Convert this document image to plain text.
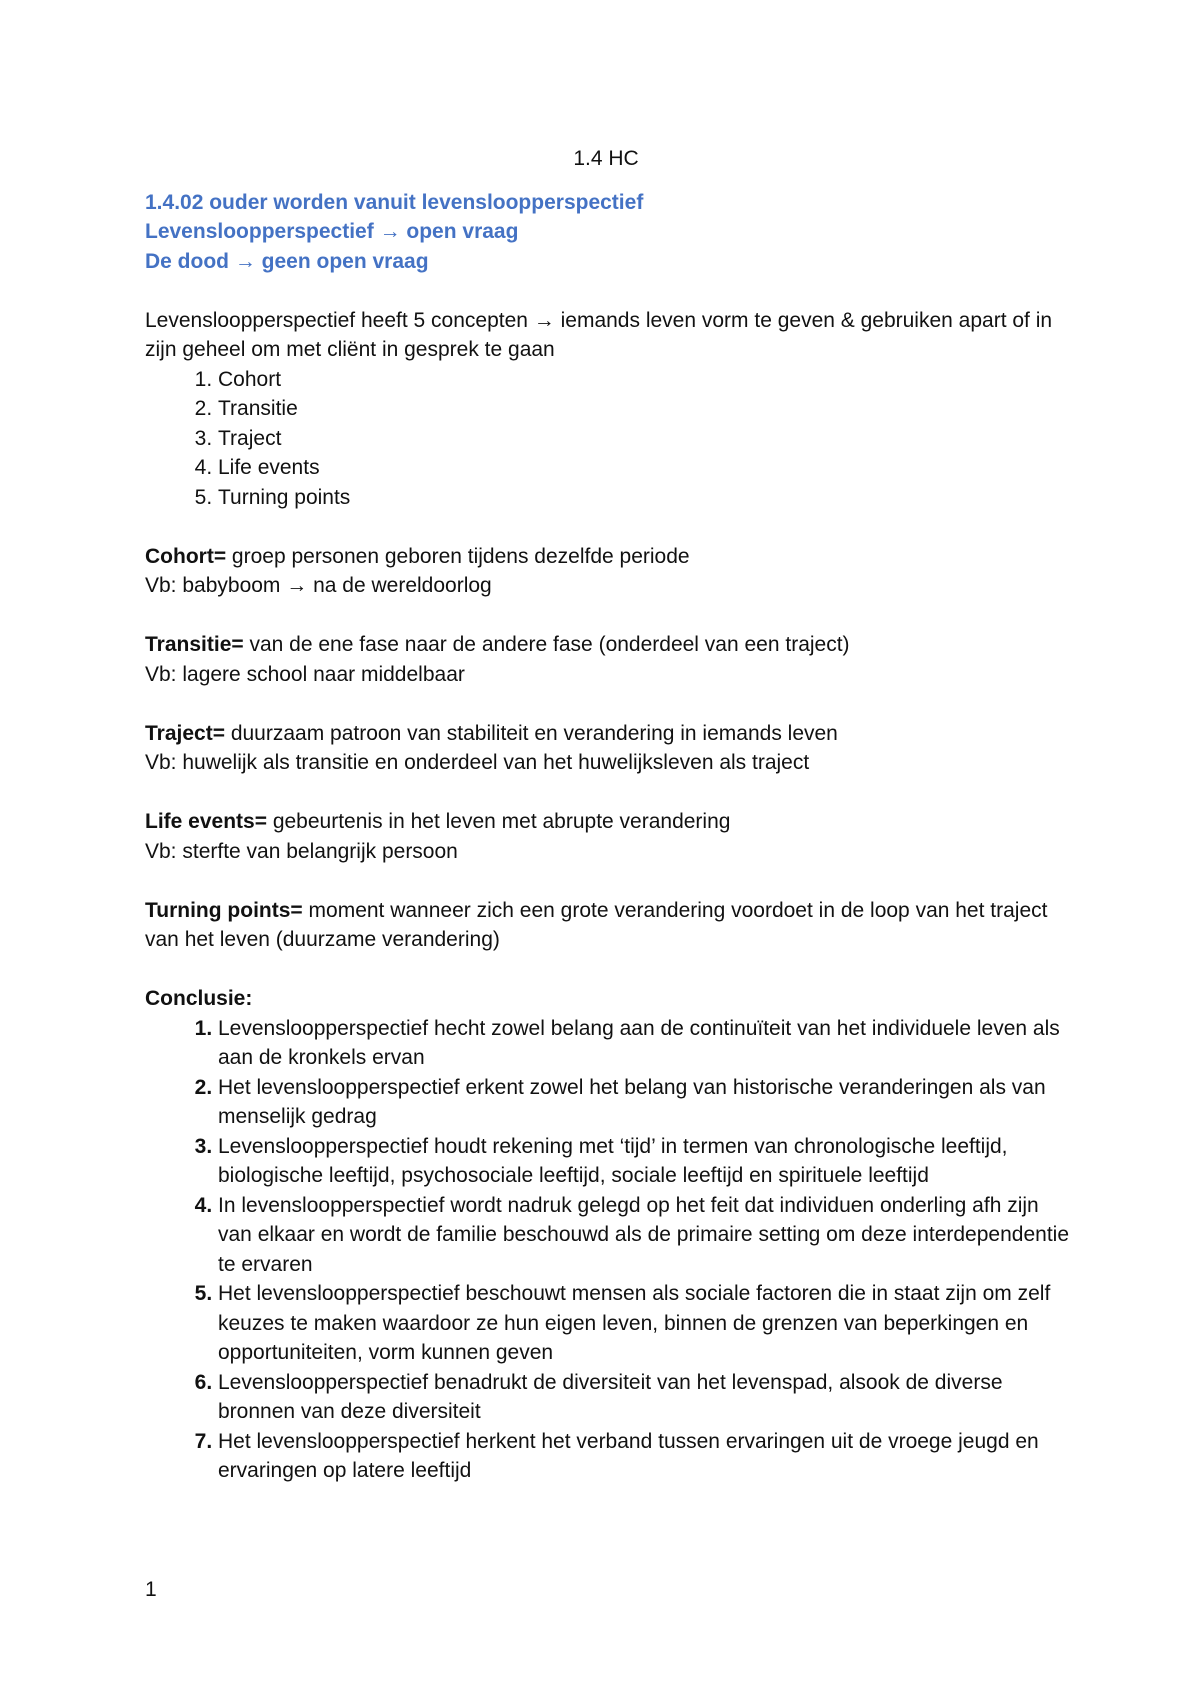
1.4 HC

1.4.02 ouder worden vanuit levensloopperspectief

Levensloopperspectief → open vraag

De dood → geen open vraag

Levensloopperspectief heeft 5 concepten → iemands leven vorm te geven & gebruiken apart of in zijn geheel om met cliënt in gesprek te gaan

1. Cohort
2. Transitie
3. Traject
4. Life events
5. Turning points

Cohort= groep personen geboren tijdens dezelfde periode

Vb: babyboom → na de wereldoorlog

Transitie= van de ene fase naar de andere fase (onderdeel van een traject)

Vb: lagere school naar middelbaar

Traject= duurzaam patroon van stabiliteit en verandering in iemands leven

Vb: huwelijk als transitie en onderdeel van het huwelijksleven als traject

Life events= gebeurtenis in het leven met abrupte verandering

Vb: sterfte van belangrijk persoon

Turning points= moment wanneer zich een grote verandering voordoet in de loop van het traject van het leven (duurzame verandering)

Conclusie:

1. Levensloopperspectief hecht zowel belang aan de continuïteit van het individuele leven als aan de kronkels ervan
2. Het levensloopperspectief erkent zowel het belang van historische veranderingen als van menselijk gedrag
3. Levensloopperspectief houdt rekening met ‘tijd’ in termen van chronologische leeftijd, biologische leeftijd, psychosociale leeftijd, sociale leeftijd en spirituele leeftijd
4. In levensloopperspectief wordt nadruk gelegd op het feit dat individuen onderling afh zijn van elkaar en wordt de familie beschouwd als de primaire setting om deze interdependentie te ervaren
5. Het levensloopperspectief beschouwt mensen als sociale factoren die in staat zijn om zelf keuzes te maken waardoor ze hun eigen leven, binnen de grenzen van beperkingen en opportuniteiten, vorm kunnen geven
6. Levensloopperspectief benadrukt de diversiteit van het levenspad, alsook de diverse bronnen van deze diversiteit
7. Het levensloopperspectief herkent het verband tussen ervaringen uit de vroege jeugd en ervaringen op latere leeftijd
1
